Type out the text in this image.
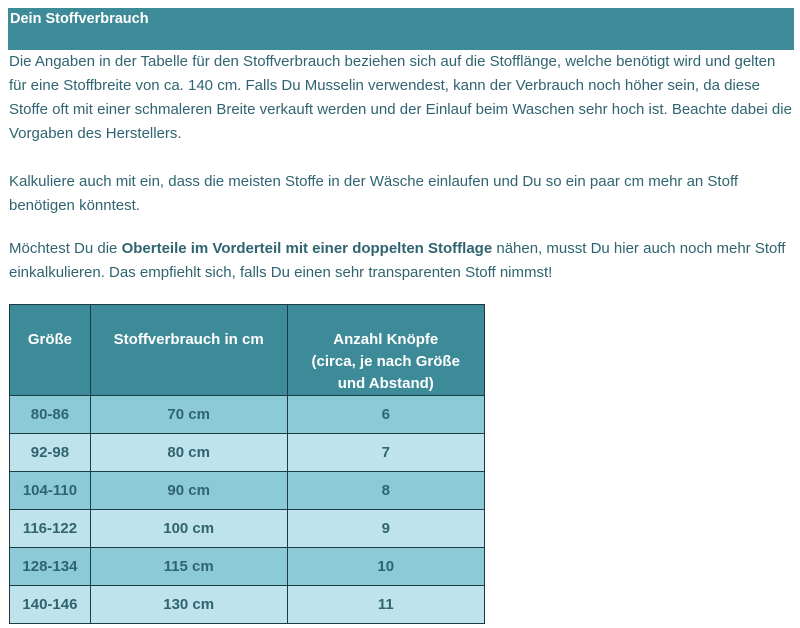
Dein Stoffverbrauch

Die Angaben in der Tabelle für den Stoffverbrauch beziehen sich auf die Stofflänge, welche benötigt wird und gelten für eine Stoffbreite von ca. 140 cm. Falls Du Musselin verwendest, kann der Verbrauch noch höher sein, da diese Stoffe oft mit einer schmaleren Breite verkauft werden und der Einlauf beim Waschen sehr hoch ist. Beachte dabei die Vorgaben des Herstellers.

Kalkuliere auch mit ein, dass die meisten Stoffe in der Wäsche einlaufen und Du so ein paar cm mehr an Stoff benötigen könntest.

Möchtest Du die Oberteile im Vorderteil mit einer doppelten Stofflage nähen, musst Du hier auch noch mehr Stoff einkalkulieren. Das empfiehlt sich, falls Du einen sehr transparenten Stoff nimmst!

Größe	Stoffverbrauch in cm	Anzahl Knöpfe
(circa, je nach Größe
und Abstand)

80-86	70 cm	6
92-98	80 cm	7
104-110	90 cm	8
116-122	100 cm	9
128-134	115 cm	10
140-146	130 cm	11
